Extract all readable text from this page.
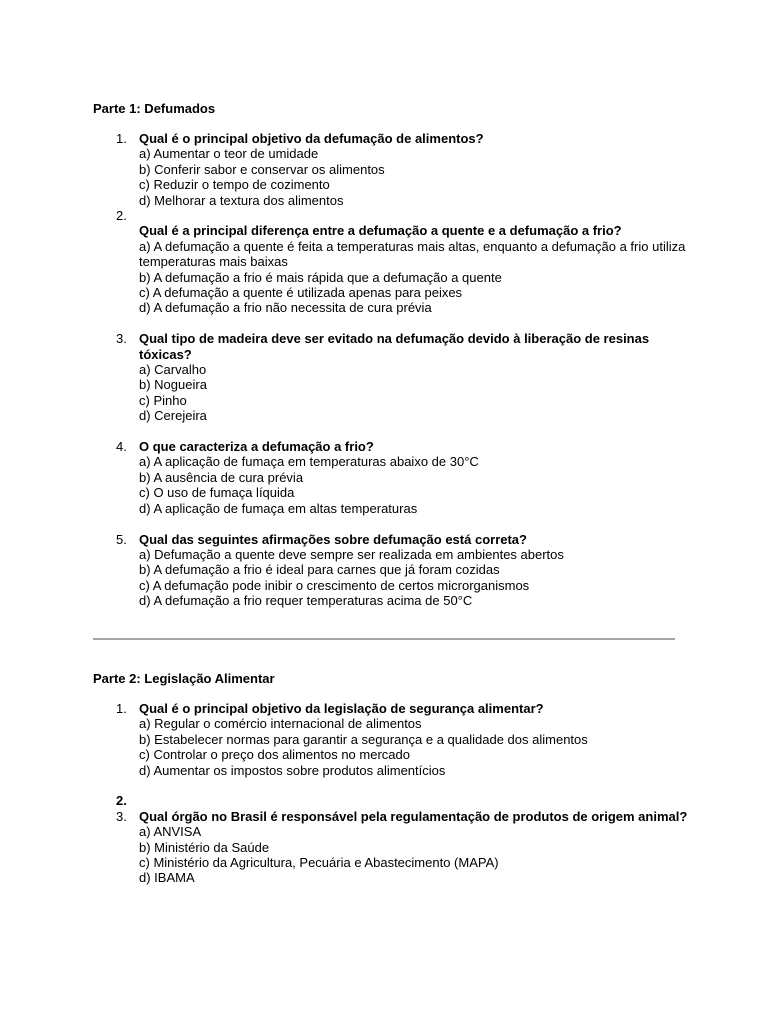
Parte 1: Defumados
1. Qual é o principal objetivo da defumação de alimentos?
a) Aumentar o teor de umidade
b) Conferir sabor e conservar os alimentos
c) Reduzir o tempo de cozimento
d) Melhorar a textura dos alimentos
2.
Qual é a principal diferença entre a defumação a quente e a defumação a frio?
a) A defumação a quente é feita a temperaturas mais altas, enquanto a defumação a frio utiliza temperaturas mais baixas
b) A defumação a frio é mais rápida que a defumação a quente
c) A defumação a quente é utilizada apenas para peixes
d) A defumação a frio não necessita de cura prévia
3. Qual tipo de madeira deve ser evitado na defumação devido à liberação de resinas tóxicas?
a) Carvalho
b) Nogueira
c) Pinho
d) Cerejeira
4. O que caracteriza a defumação a frio?
a) A aplicação de fumaça em temperaturas abaixo de 30°C
b) A ausência de cura prévia
c) O uso de fumaça líquida
d) A aplicação de fumaça em altas temperaturas
5. Qual das seguintes afirmações sobre defumação está correta?
a) Defumação a quente deve sempre ser realizada em ambientes abertos
b) A defumação a frio é ideal para carnes que já foram cozidas
c) A defumação pode inibir o crescimento de certos microrganismos
d) A defumação a frio requer temperaturas acima de 50°C
Parte 2: Legislação Alimentar
1. Qual é o principal objetivo da legislação de segurança alimentar?
a) Regular o comércio internacional de alimentos
b) Estabelecer normas para garantir a segurança e a qualidade dos alimentos
c) Controlar o preço dos alimentos no mercado
d) Aumentar os impostos sobre produtos alimentícios
2.
3. Qual órgão no Brasil é responsável pela regulamentação de produtos de origem animal?
a) ANVISA
b) Ministério da Saúde
c) Ministério da Agricultura, Pecuária e Abastecimento (MAPA)
d) IBAMA
